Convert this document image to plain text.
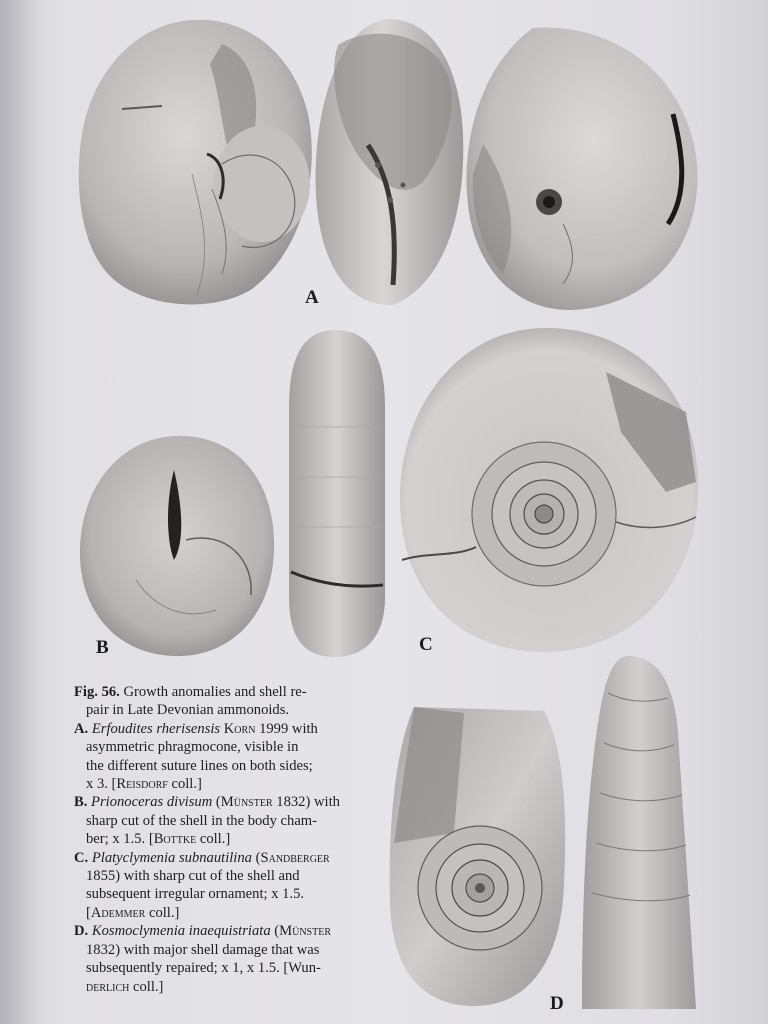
A
B	C
D
Fig. 56. Growth anomalies and shell re-
pair in Late Devonian ammonoids.
A. Erfoudites rherisensis Korn 1999 with
asymmetric phragmocone, visible in
the different suture lines on both sides;
x 3. [Reisdorf coll.]
B. Prionoceras divisum (Münster 1832) with
sharp cut of the shell in the body cham-
ber; x 1.5. [Bottke coll.]
C. Platyclymenia subnautilina (Sandberger
1855) with sharp cut of the shell and
subsequent irregular ornament; x 1.5.
[Ademmer coll.]
D. Kosmoclymenia inaequistriata (Münster
1832) with major shell damage that was
subsequently repaired; x 1, x 1.5. [Wun-
derlich coll.]
